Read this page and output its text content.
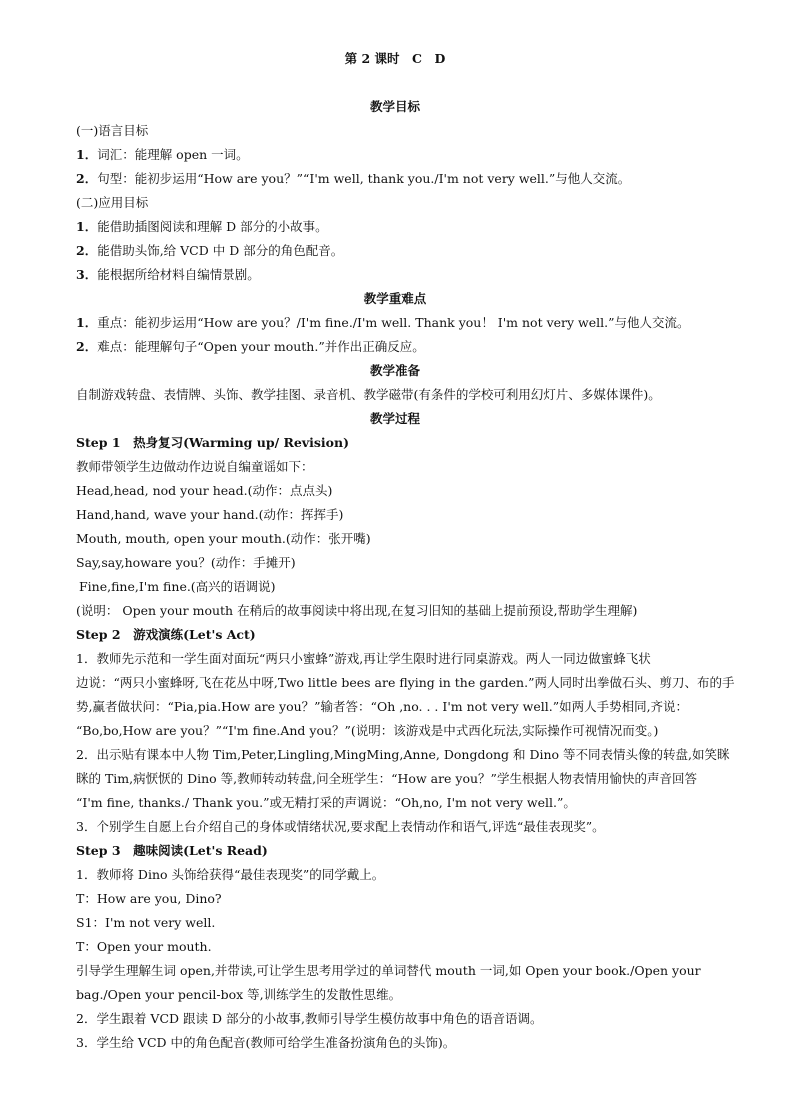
第 2 课时　C　D
教学目标
(一)语言目标
1．词汇：能理解 open 一词。
2．句型：能初步运用“How are you？”“I'm well, thank you./I'm not very well.”与他人交流。
(二)应用目标
1．能借助插图阅读和理解 D 部分的小故事。
2．能借助头饰,给 VCD 中 D 部分的角色配音。
3．能根据所给材料自编情景剧。
教学重难点
1．重点：能初步运用“How are you？/I'm fine./I'm well. Thank you！ I'm not very well.”与他人交流。
2．难点：能理解句子“Open your mouth.”并作出正确反应。
教学准备
自制游戏转盘、表情牌、头饰、教学挂图、录音机、教学磁带(有条件的学校可利用幻灯片、多媒体课件)。
教学过程
Step 1　 热身复习(Warming up/ Revision)
教师带领学生边做动作边说自编童谣如下：
Head,head, nod your head.(动作：点点头)
Hand,hand, wave your hand.(动作：挥挥手)
Mouth, mouth, open your mouth.(动作：张开嘴)
Say,say,howare you？(动作：手摊开)
Fine,fine,I'm fine.(高兴的语调说)
(说明： Open your mouth 在稍后的故事阅读中将出现,在复习旧知的基础上提前预设,帮助学生理解)
Step 2　 游戏演练(Let's Act)
1．教师先示范和一学生面对面玩“两只小蜜蜂”游戏,再让学生限时进行同桌游戏。两人一同边做蜜蜂飞状
边说：“两只小蜜蜂呀,飞在花丛中呀,Two little bees are flying in the garden.”两人同时出拳做石头、剪刀、布的手
势,赢者做状问：“Pia,pia.How are you？”输者答：“Oh ,no. . . I'm not very well.”如两人手势相同,齐说：
“Bo,bo,How are you？”“I'm fine.And you？”(说明：该游戏是中式西化玩法,实际操作可视情况而变。)
2．出示贴有课本中人物 Tim,Peter,Lingling,MingMing,Anne, Dongdong 和 Dino 等不同表情头像的转盘,如笑眯
眯的 Tim,病恹恹的 Dino 等,教师转动转盘,问全班学生：“How are you？”学生根据人物表情用愉快的声音回答
“I'm fine, thanks./ Thank you.”或无精打采的声调说：“Oh,no, I'm not very well.”。
3．个别学生自愿上台介绍自己的身体或情绪状况,要求配上表情动作和语气,评选“最佳表现奖”。
Step 3　 趣味阅读(Let's Read)
1．教师将 Dino 头饰给获得“最佳表现奖”的同学戴上。
T：How are you, Dino?
S1：I'm not very well.
T：Open your mouth.
引导学生理解生词 open,并带读,可让学生思考用学过的单词替代 mouth 一词,如 Open your book./Open your
bag./Open your pencil-box 等,训练学生的发散性思维。
2．学生跟着 VCD 跟读 D 部分的小故事,教师引导学生模仿故事中角色的语音语调。
3．学生给 VCD 中的角色配音(教师可给学生准备扮演角色的头饰)。
